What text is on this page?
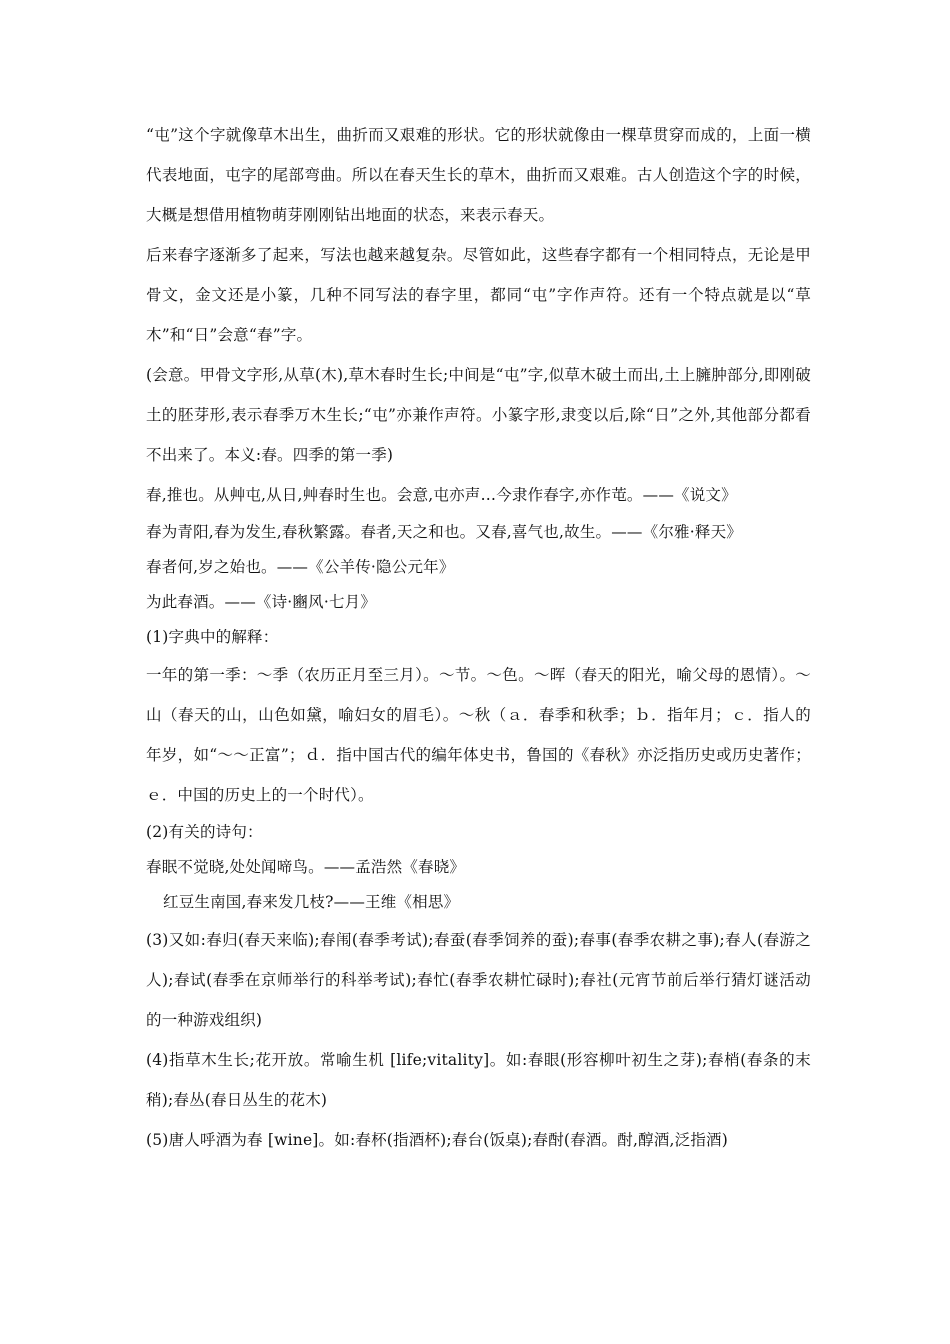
“屯”这个字就像草木出生，曲折而又艰难的形状。它的形状就像由一棵草贯穿而成的，上面一横代表地面，屯字的尾部弯曲。所以在春天生长的草木，曲折而又艰难。古人创造这个字的时候，大概是想借用植物萌芽刚刚钻出地面的状态，来表示春天。

后来春字逐渐多了起来，写法也越来越复杂。尽管如此，这些春字都有一个相同特点，无论是甲骨文，金文还是小篆，几种不同写法的春字里，都同“屯”字作声符。还有一个特点就是以“草木”和“日”会意“春”字。

(会意。甲骨文字形,从草(木),草木春时生长;中间是“屯”字,似草木破土而出,土上臃肿部分,即刚破土的胚芽形,表示春季万木生长;“屯”亦兼作声符。小篆字形,隶变以后,除“日”之外,其他部分都看不出来了。本义:春。四季的第一季)

春,推也。从艸屯,从日,艸春时生也。会意,屯亦声…今隶作春字,亦作芚。——《说文》

春为青阳,春为发生,春秋繁露。春者,天之和也。又春,喜气也,故生。——《尔雅·释天》

春者何,岁之始也。——《公羊传·隐公元年》

为此春酒。——《诗·豳风·七月》

(1)字典中的解释：

一年的第一季：～季（农历正月至三月）。～节。～色。～晖（春天的阳光，喻父母的恩情）。～山（春天的山，山色如黛，喻妇女的眉毛）。～秋（ａ．春季和秋季；ｂ．指年月；ｃ．指人的年岁，如“～～正富”；ｄ．指中国古代的编年体史书，鲁国的《春秋》亦泛指历史或历史著作；ｅ．中国的历史上的一个时代）。

(2)有关的诗句：

春眠不觉晓,处处闻啼鸟。——孟浩然《春晓》

红豆生南国,春来发几枝?——王维《相思》

(3)又如:春归(春天来临);春闱(春季考试);春蚕(春季饲养的蚕);春事(春季农耕之事);春人(春游之人);春试(春季在京师举行的科举考试);春忙(春季农耕忙碌时);春社(元宵节前后举行猜灯谜活动的一种游戏组织)

(4)指草木生长;花开放。常喻生机 [life;vitality]。如:春眼(形容柳叶初生之芽);春梢(春条的末稍);春丛(春日丛生的花木)

(5)唐人呼酒为春 [wine]。如:春杯(指酒杯);春台(饭桌);春酎(春酒。酎,醇酒,泛指酒)
